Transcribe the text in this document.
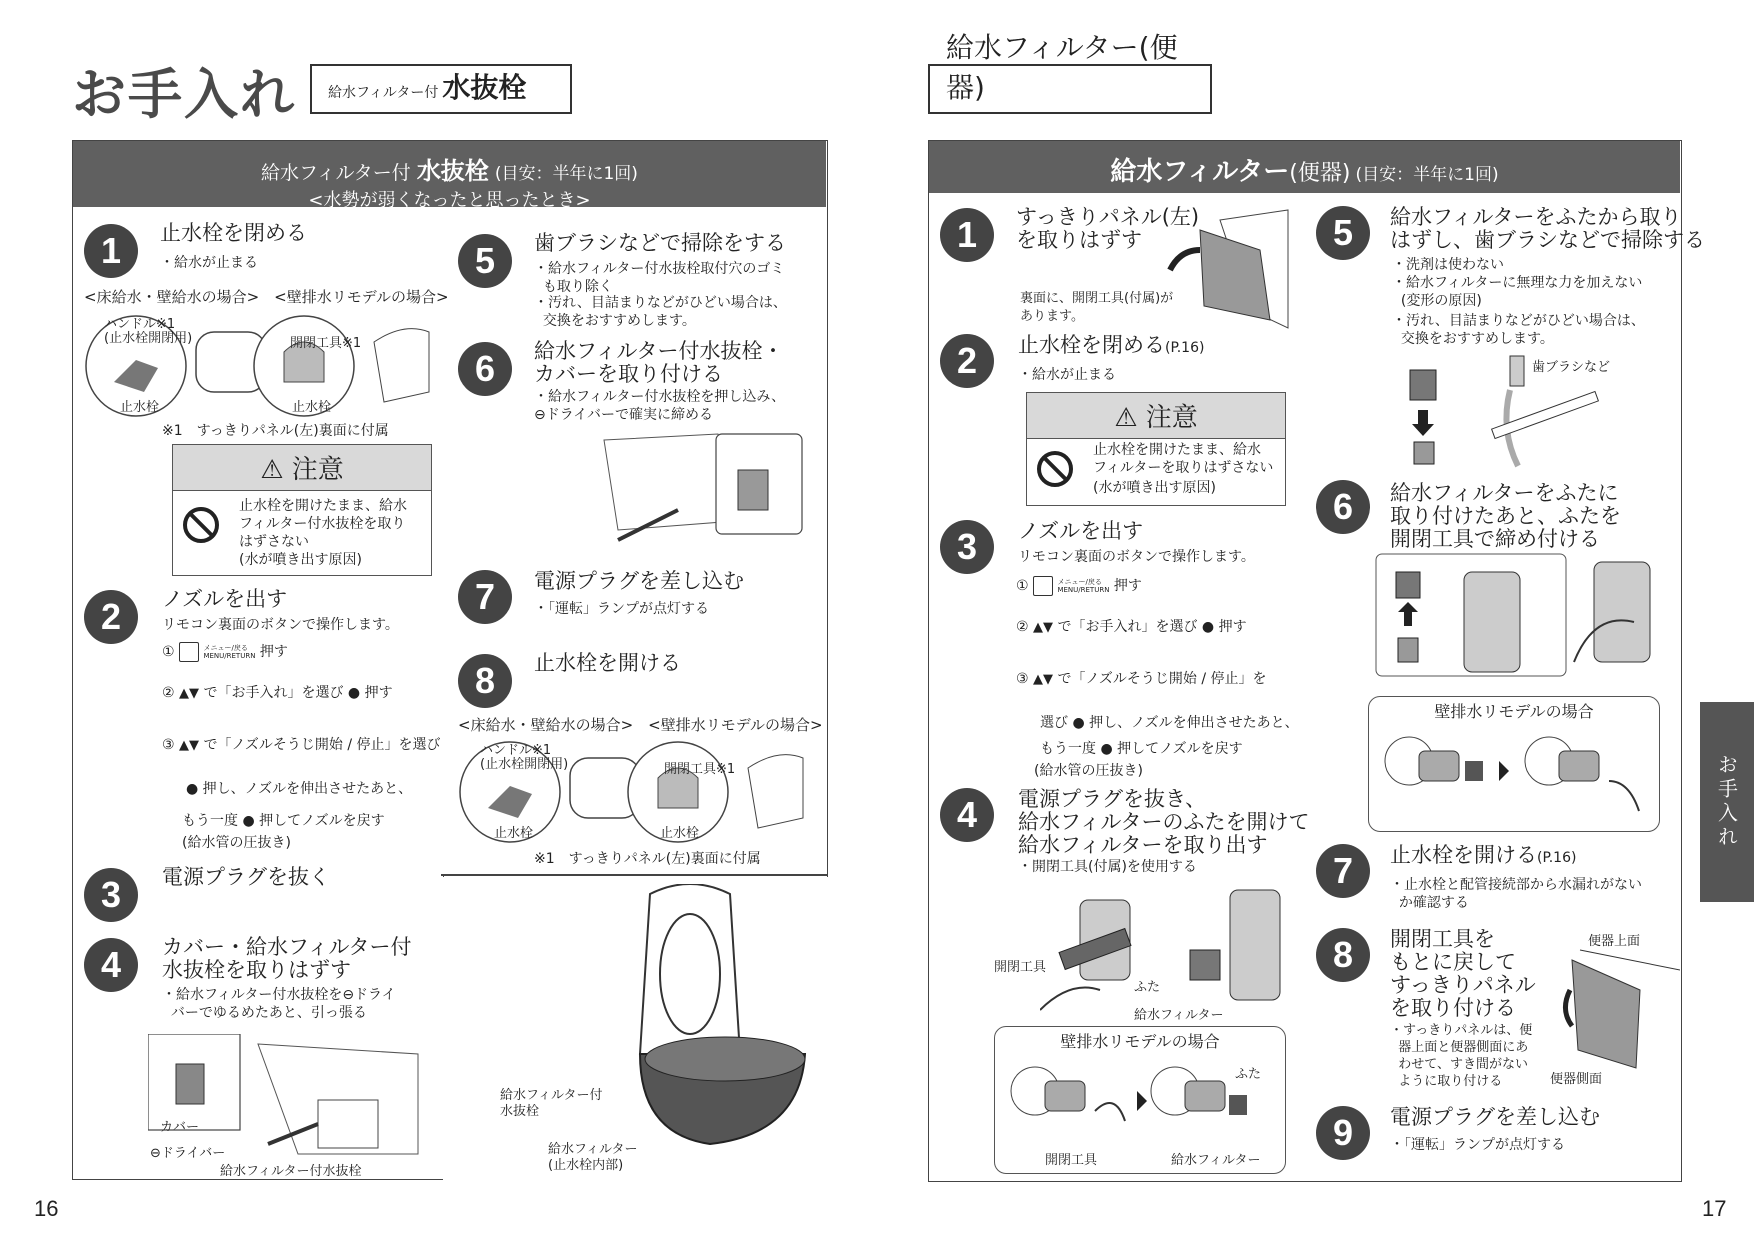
お手入れ 給水フィルター付 水抜栓
給水フィルター(便器)
給水フィルター付 水抜栓 (目安：半年に1回)
<水勢が弱くなったと思ったとき>
1	止水栓を閉める
・給水が止まる
<床給水・壁給水の場合>　<壁排水リモデルの場合>
ハンドル※1
(止水栓開閉用)
止水栓
開閉工具※1
止水栓
※1　すっきりパネル(左)裏面に付属
⚠ 注意
止水栓を開けたまま、給水
フィルター付水抜栓を取り
はずさない
(水が噴き出す原因)
2	ノズルを出す
リモコン裏面のボタンで操作します。
①	メニュー/戻る
MENU/RETURN 押す
② ▲▼ で「お手入れ」を選び ● 押す
③ ▲▼ で「ノズルそうじ開始 / 停止」を選び
● 押し、ノズルを伸出させたあと、
もう一度 ● 押してノズルを戻す
(給水管の圧抜き)
3	電源プラグを抜く
4	カバー・給水フィルター付
水抜栓を取りはずす
・給水フィルター付水抜栓を⊖ドライ
バーでゆるめたあと、引っ張る
カバー
⊖ドライバー
給水フィルター付水抜栓
5	歯ブラシなどで掃除をする
・給水フィルター付水抜栓取付穴のゴミ
も取り除く
・汚れ、目詰まりなどがひどい場合は、
交換をおすすめします。
6	給水フィルター付水抜栓・
カバーを取り付ける
・給水フィルター付水抜栓を押し込み、
⊖ドライバーで確実に締める
7	電源プラグを差し込む
・「運転」ランプが点灯する
8	止水栓を開ける
<床給水・壁給水の場合>　<壁排水リモデルの場合>
ハンドル※1
(止水栓開閉用)
止水栓
開閉工具※1
止水栓
※1　すっきりパネル(左)裏面に付属
給水フィルター付
水抜栓
給水フィルター
(止水栓内部)
給水フィルター(便器) (目安：半年に1回)
1	すっきりパネル(左)
を取りはずす
裏面に、開閉工具(付属)が
あります。
2	止水栓を閉める(P.16)
・給水が止まる
⚠ 注意
止水栓を開けたまま、給水
フィルターを取りはずさない
(水が噴き出す原因)
3	ノズルを出す
リモコン裏面のボタンで操作します。
①	メニュー/戻る
MENU/RETURN 押す
② ▲▼ で「お手入れ」を選び ● 押す
③ ▲▼ で「ノズルそうじ開始 / 停止」を
選び ● 押し、ノズルを伸出させたあと、
もう一度 ● 押してノズルを戻す
(給水管の圧抜き)
4	電源プラグを抜き、
給水フィルターのふたを開けて
給水フィルターを取り出す
・開閉工具(付属)を使用する
開閉工具
ふた
給水フィルター
壁排水リモデルの場合
開閉工具	給水フィルター
ふた
5	給水フィルターをふたから取り
はずし、歯ブラシなどで掃除する
・洗剤は使わない
・給水フィルターに無理な力を加えない
(変形の原因)
・汚れ、目詰まりなどがひどい場合は、
交換をおすすめします。
歯ブラシなど
6	給水フィルターをふたに
取り付けたあと、ふたを
開閉工具で締め付ける
壁排水リモデルの場合
7	止水栓を開ける(P.16)
・止水栓と配管接続部から水漏れがない
か確認する
8	開閉工具を
もとに戻して
すっきりパネル
を取り付ける
・すっきりパネルは、便
器上面と便器側面にあ
わせて、すき間がない
ように取り付ける
便器上面
便器側面
9	電源プラグを差し込む
・「運転」ランプが点灯する
お手入れ
16	17
